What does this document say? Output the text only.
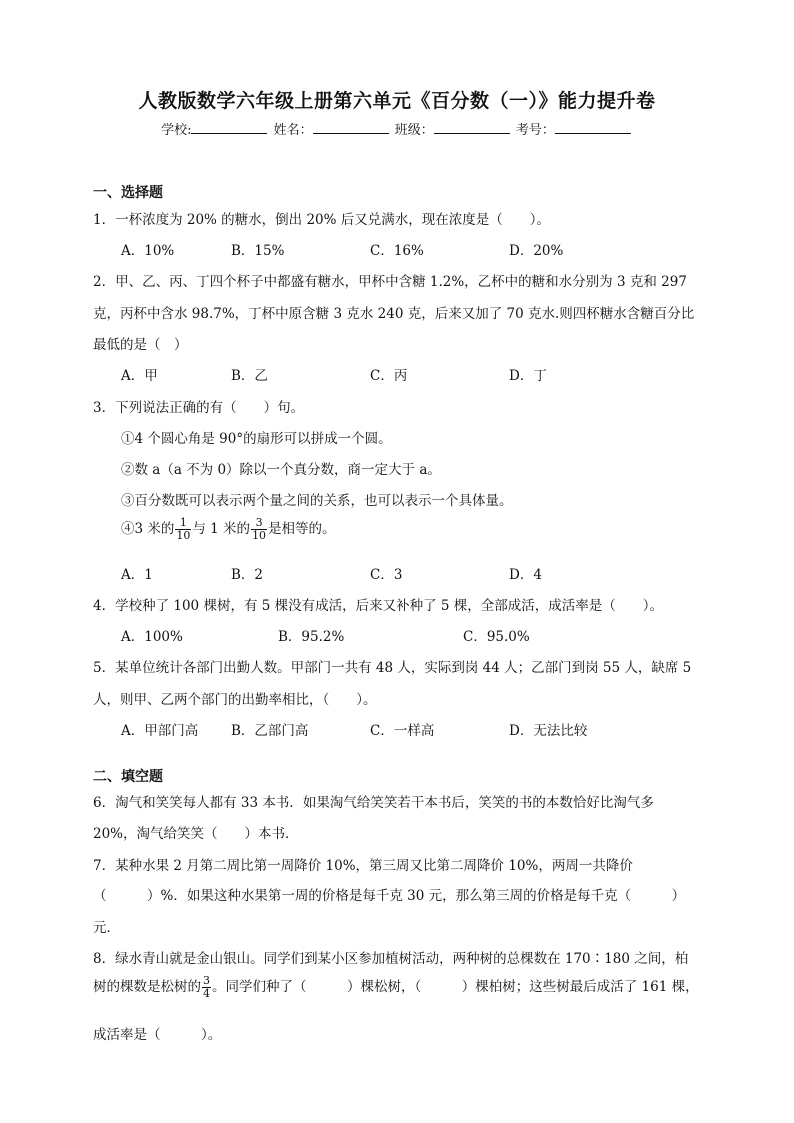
人教版数学六年级上册第六单元《百分数（一）》能力提升卷
学校:	姓名：	班级：	考号：
一、选择题
1．一杯浓度为 20% 的糖水，倒出 20% 后又兑满水，现在浓度是（　　）。
A．10%	B．15%	C．16%	D．20%
2．甲、乙、丙、丁四个杯子中都盛有糖水，甲杯中含糖 1.2%，乙杯中的糖和水分别为 3 克和 297
克，丙杯中含水 98.7%，丁杯中原含糖 3 克水 240 克，后来又加了 70 克水.则四杯糖水含糖百分比
最低的是（　）
A．甲	B．乙	C．丙	D．丁
3．下列说法正确的有（　　）句。
①4 个圆心角是 90°的扇形可以拼成一个圆。
②数 a（a 不为 0）除以一个真分数，商一定大于 a。
③百分数既可以表示两个量之间的关系，也可以表示一个具体量。
④3 米的 $\frac{1}{10}$ 与 1 米的 $\frac{3}{10}$ 是相等的。
A．1	B．2	C．3	D．4
4．学校种了 100 棵树，有 5 棵没有成活，后来又补种了 5 棵，全部成活，成活率是（　　）。
A．100%	B．95.2%	C．95.0%
5．某单位统计各部门出勤人数。甲部门一共有 48 人，实际到岗 44 人；乙部门到岗 55 人，缺席 5
人，则甲、乙两个部门的出勤率相比，（　　）。
A．甲部门高 B．乙部门高	C．一样高	D．无法比较
二、填空题
6．淘气和笑笑每人都有 33 本书．如果淘气给笑笑若干本书后，笑笑的书的本数恰好比淘气多
20%，淘气给笑笑（　　）本书．
7．某种水果 2 月第二周比第一周降价 10%，第三周又比第二周降价 10%，两周一共降价
（　　　）%．如果这种水果第一周的价格是每千克 30 元，那么第三周的价格是每千克（　　　）
元．
8．绿水青山就是金山银山。同学们到某小区参加植树活动，两种树的总棵数在 170∶180 之间，柏
树的棵数是松树的 $\frac{3}{4}$ 。同学们种了（　　　）棵松树，（　　　）棵柏树；这些树最后成活了 161 棵，
成活率是（　　　）。
